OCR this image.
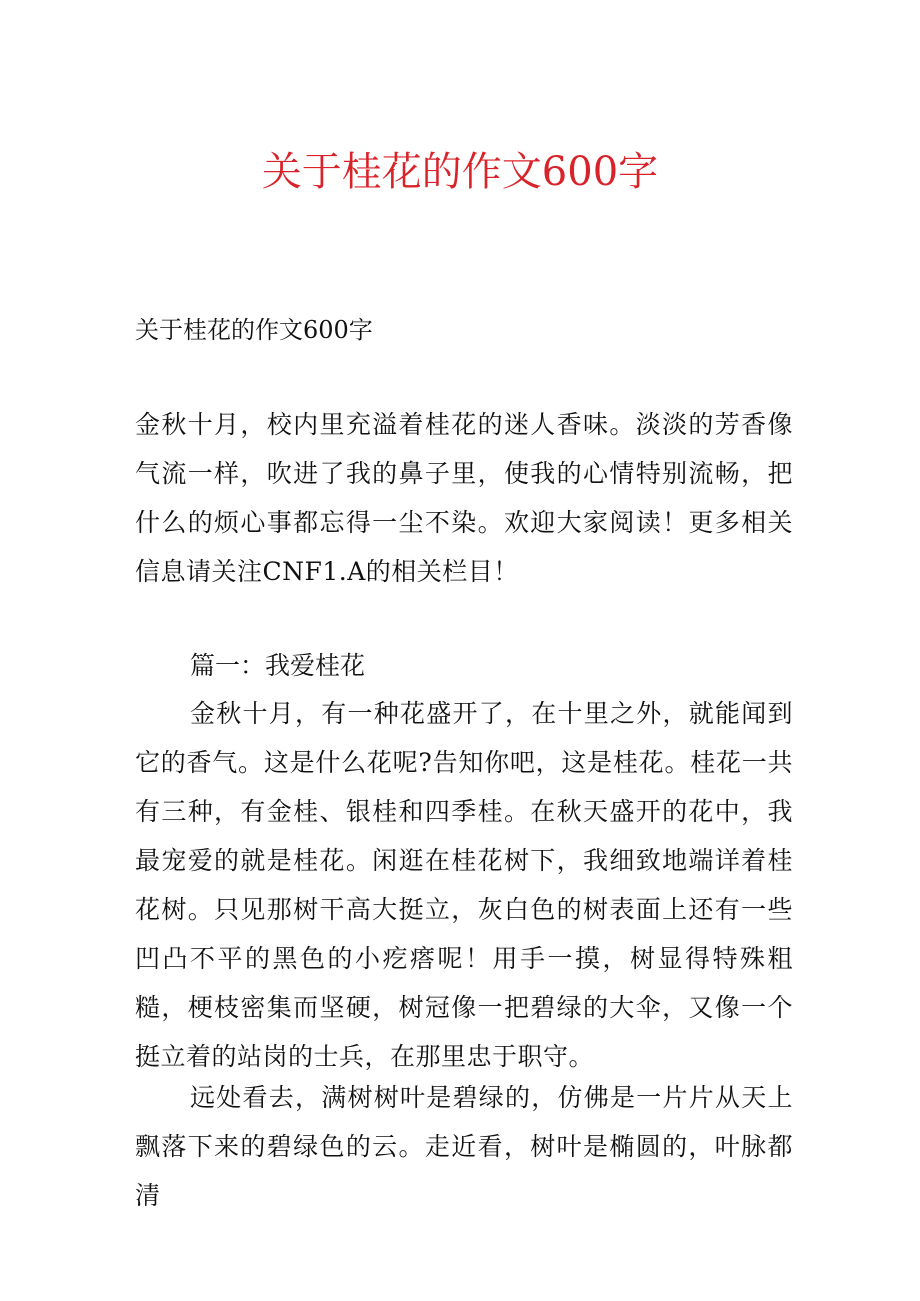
关于桂花的作文600字

关于桂花的作文600字

金秋十月，校内里充溢着桂花的迷人香味。淡淡的芳香像气流一样，吹进了我的鼻子里，使我的心情特别流畅，把什么的烦心事都忘得一尘不染。欢迎大家阅读！更多相关信息请关注CNF1.A的相关栏目！

篇一：我爱桂花

金秋十月，有一种花盛开了，在十里之外，就能闻到它的香气。这是什么花呢?告知你吧，这是桂花。桂花一共有三种，有金桂、银桂和四季桂。在秋天盛开的花中，我最宠爱的就是桂花。闲逛在桂花树下，我细致地端详着桂花树。只见那树干高大挺立，灰白色的树表面上还有一些凹凸不平的黑色的小疙瘩呢！用手一摸，树显得特殊粗糙，梗枝密集而坚硬，树冠像一把碧绿的大伞，又像一个挺立着的站岗的士兵，在那里忠于职守。

远处看去，满树树叶是碧绿的，仿佛是一片片从天上飘落下来的碧绿色的云。走近看，树叶是椭圆的，叶脉都清
